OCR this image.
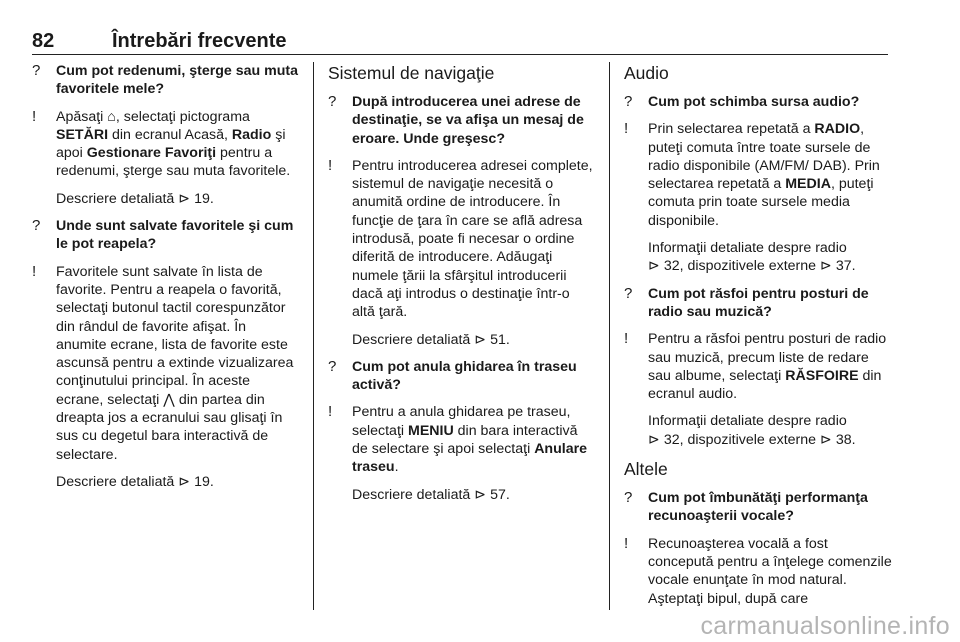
82	Întrebări frecvente
? Cum pot redenumi, şterge sau muta favoritele mele?
! Apăsaţi ⌂, selectaţi pictograma SETĂRI din ecranul Acasă, Radio şi apoi Gestionare Favoriţi pentru a redenumi, şterge sau muta favoritele.
Descriere detaliată ⊳ 19.
? Unde sunt salvate favoritele şi cum le pot reapela?
! Favoritele sunt salvate în lista de favorite. Pentru a reapela o favorită, selectaţi butonul tactil corespunzător din rândul de favorite afişat. În anumite ecrane, lista de favorite este ascunsă pentru a extinde vizualizarea conţinutului principal. În aceste ecrane, selectaţi ⋀ din partea din dreapta jos a ecranului sau glisaţi în sus cu degetul bara interactivă de selectare.
Descriere detaliată ⊳ 19.
Sistemul de navigaţie
? După introducerea unei adrese de destinaţie, se va afişa un mesaj de eroare. Unde greşesc?
! Pentru introducerea adresei complete, sistemul de navigaţie necesită o anumită ordine de introducere. În funcţie de ţara în care se află adresa introdusă, poate fi necesar o ordine diferită de introducere. Adăugaţi numele ţării la sfârşitul introducerii dacă aţi introdus o destinaţie într-o altă ţară.
Descriere detaliată ⊳ 51.
? Cum pot anula ghidarea în traseu activă?
! Pentru a anula ghidarea pe traseu, selectaţi MENIU din bara interactivă de selectare şi apoi selectaţi Anulare traseu.
Descriere detaliată ⊳ 57.
Audio
? Cum pot schimba sursa audio?
! Prin selectarea repetată a RADIO, puteţi comuta între toate sursele de radio disponibile (AM/FM/ DAB). Prin selectarea repetată a MEDIA, puteţi comuta prin toate sursele media disponibile.
Informaţii detaliate despre radio
⊳ 32, dispozitivele externe ⊳ 37.
? Cum pot răsfoi pentru posturi de radio sau muzică?
! Pentru a răsfoi pentru posturi de radio sau muzică, precum liste de redare sau albume, selectaţi RĂSFOIRE din ecranul audio.
Informaţii detaliate despre radio
⊳ 32, dispozitivele externe ⊳ 38.
Altele
? Cum pot îmbunătăţi performanţa recunoaşterii vocale?
! Recunoaşterea vocală a fost concepută pentru a înţelege comenzile vocale enunţate în mod natural. Aşteptaţi bipul, după care
carmanualsonline.info
